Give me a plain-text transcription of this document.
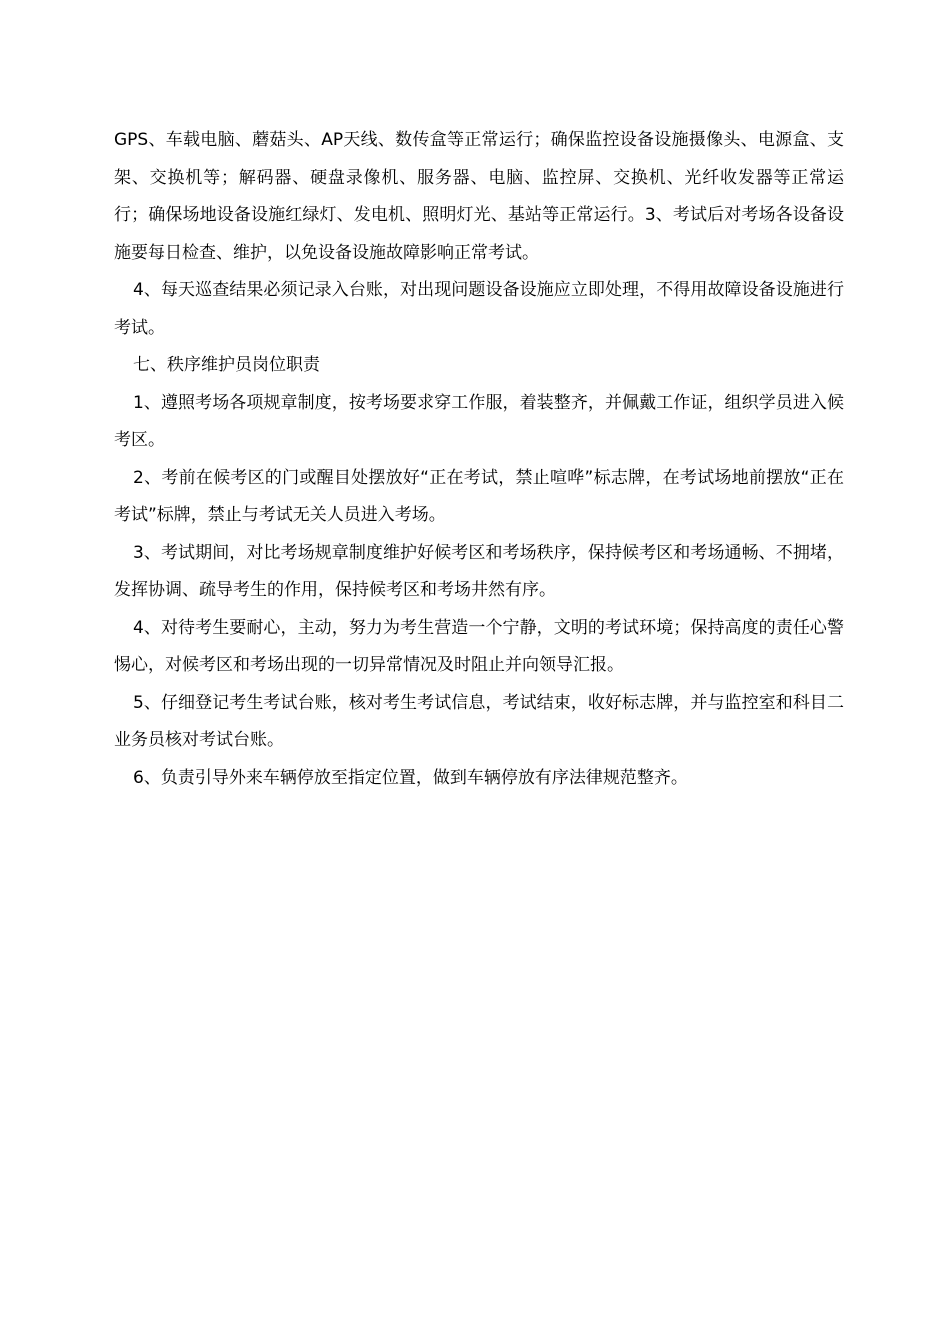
GPS、车载电脑、蘑菇头、AP天线、数传盒等正常运行；确保监控设备设施摄像头、电源盒、支架、交换机等；解码器、硬盘录像机、服务器、电脑、监控屏、交换机、光纤收发器等正常运行；确保场地设备设施红绿灯、发电机、照明灯光、基站等正常运行。3、考试后对考场各设备设施要每日检查、维护，以免设备设施故障影响正常考试。

4、每天巡查结果必须记录入台账，对出现问题设备设施应立即处理，不得用故障设备设施进行考试。

七、秩序维护员岗位职责

1、遵照考场各项规章制度，按考场要求穿工作服，着装整齐，并佩戴工作证，组织学员进入候考区。

2、考前在候考区的门或醒目处摆放好“正在考试，禁止喧哗”标志牌，在考试场地前摆放“正在考试”标牌，禁止与考试无关人员进入考场。

3、考试期间，对比考场规章制度维护好候考区和考场秩序，保持候考区和考场通畅、不拥堵，发挥协调、疏导考生的作用，保持候考区和考场井然有序。

4、对待考生要耐心，主动，努力为考生营造一个宁静，文明的考试环境；保持高度的责任心警惕心，对候考区和考场出现的一切异常情况及时阻止并向领导汇报。

5、仔细登记考生考试台账，核对考生考试信息，考试结束，收好标志牌，并与监控室和科目二业务员核对考试台账。

6、负责引导外来车辆停放至指定位置，做到车辆停放有序法律规范整齐。
